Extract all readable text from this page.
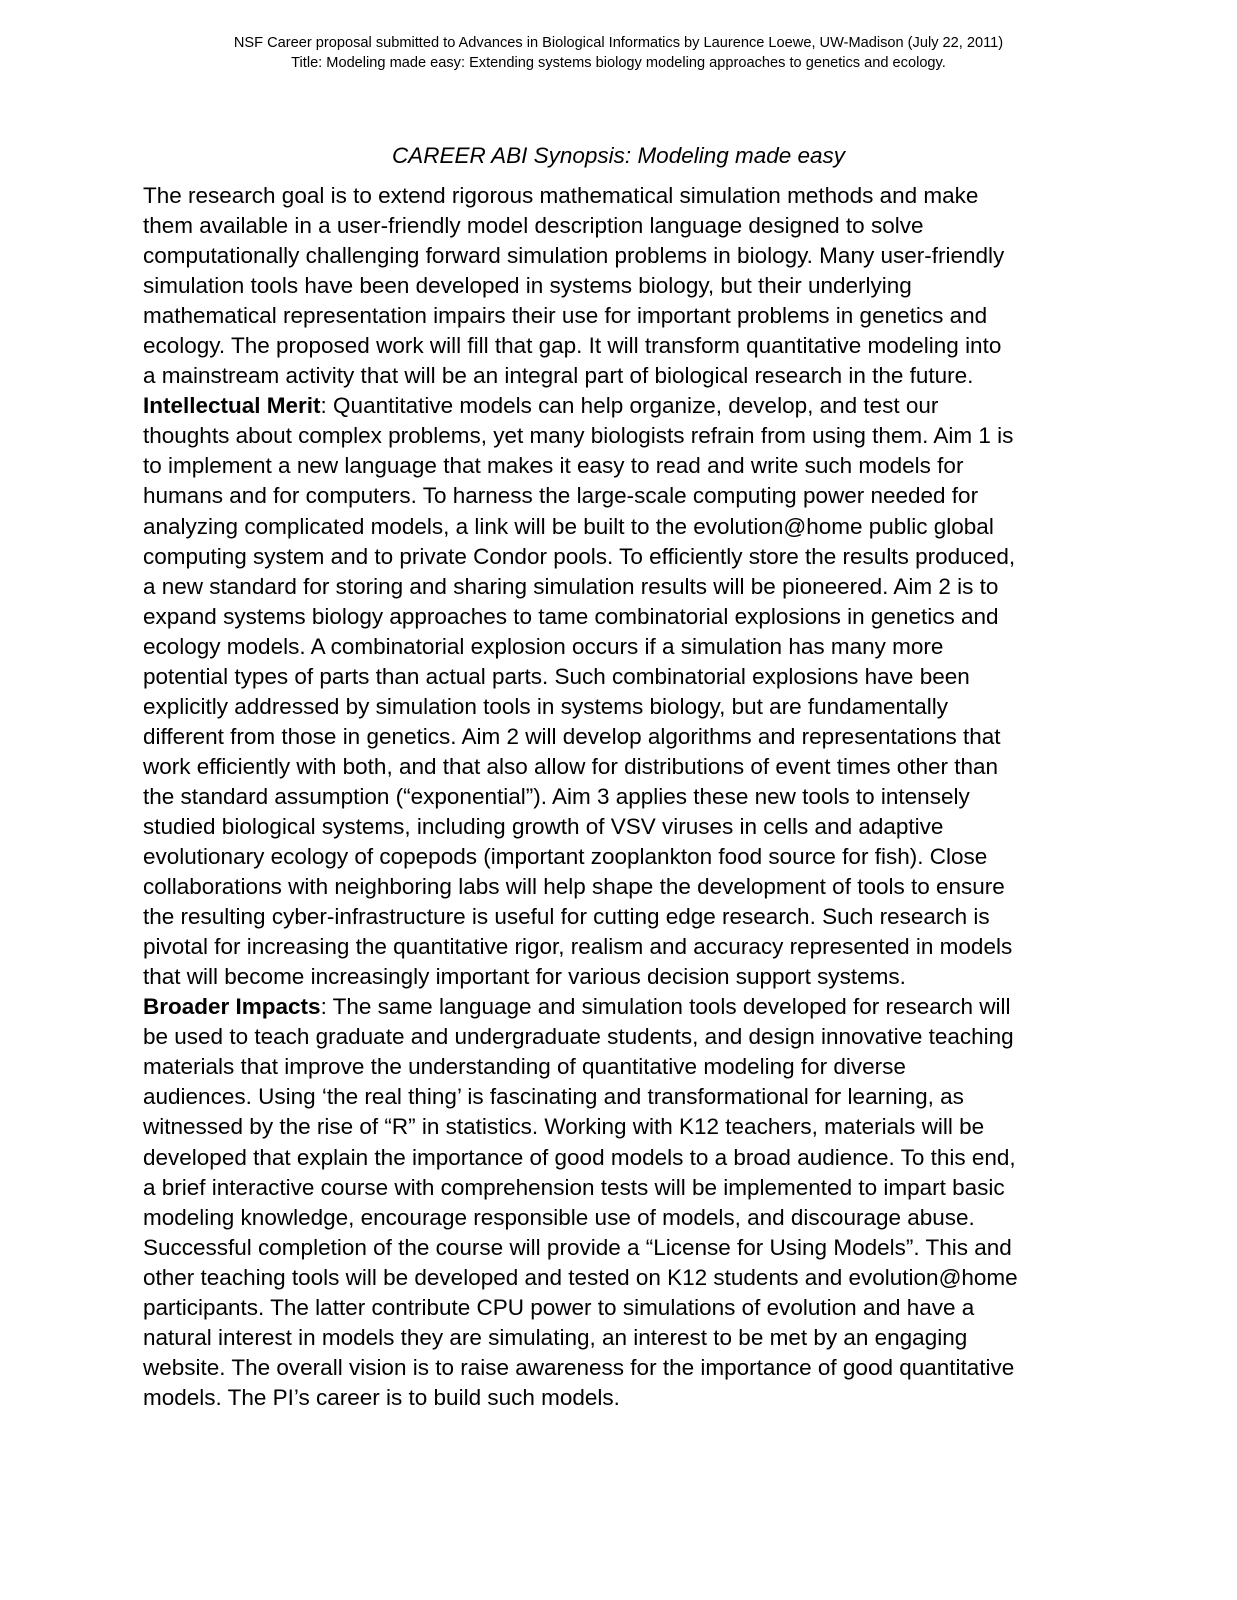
NSF Career proposal submitted to Advances in Biological Informatics by Laurence Loewe, UW-Madison (July 22, 2011)
Title: Modeling made easy: Extending systems biology modeling approaches to genetics and ecology.
CAREER ABI Synopsis: Modeling made easy
The research goal is to extend rigorous mathematical simulation methods and make
them available in a user-friendly model description language designed to solve
computationally challenging forward simulation problems in biology. Many user-friendly
simulation tools have been developed in systems biology, but their underlying
mathematical representation impairs their use for important problems in genetics and
ecology. The proposed work will fill that gap. It will transform quantitative modeling into
a mainstream activity that will be an integral part of biological research in the future.
Intellectual Merit: Quantitative models can help organize, develop, and test our
thoughts about complex problems, yet many biologists refrain from using them. Aim 1 is
to implement a new language that makes it easy to read and write such models for
humans and for computers. To harness the large-scale computing power needed for
analyzing complicated models, a link will be built to the evolution@home public global
computing system and to private Condor pools. To efficiently store the results produced,
a new standard for storing and sharing simulation results will be pioneered. Aim 2 is to
expand systems biology approaches to tame combinatorial explosions in genetics and
ecology models. A combinatorial explosion occurs if a simulation has many more
potential types of parts than actual parts. Such combinatorial explosions have been
explicitly addressed by simulation tools in systems biology, but are fundamentally
different from those in genetics. Aim 2 will develop algorithms and representations that
work efficiently with both, and that also allow for distributions of event times other than
the standard assumption (“exponential”). Aim 3 applies these new tools to intensely
studied biological systems, including growth of VSV viruses in cells and adaptive
evolutionary ecology of copepods (important zooplankton food source for fish). Close
collaborations with neighboring labs will help shape the development of tools to ensure
the resulting cyber-infrastructure is useful for cutting edge research. Such research is
pivotal for increasing the quantitative rigor, realism and accuracy represented in models
that will become increasingly important for various decision support systems.
Broader Impacts: The same language and simulation tools developed for research will
be used to teach graduate and undergraduate students, and design innovative teaching
materials that improve the understanding of quantitative modeling for diverse
audiences. Using ‘the real thing’ is fascinating and transformational for learning, as
witnessed by the rise of “R” in statistics. Working with K12 teachers, materials will be
developed that explain the importance of good models to a broad audience. To this end,
a brief interactive course with comprehension tests will be implemented to impart basic
modeling knowledge, encourage responsible use of models, and discourage abuse.
Successful completion of the course will provide a “License for Using Models”. This and
other teaching tools will be developed and tested on K12 students and evolution@home
participants. The latter contribute CPU power to simulations of evolution and have a
natural interest in models they are simulating, an interest to be met by an engaging
website. The overall vision is to raise awareness for the importance of good quantitative
models. The PI’s career is to build such models.
